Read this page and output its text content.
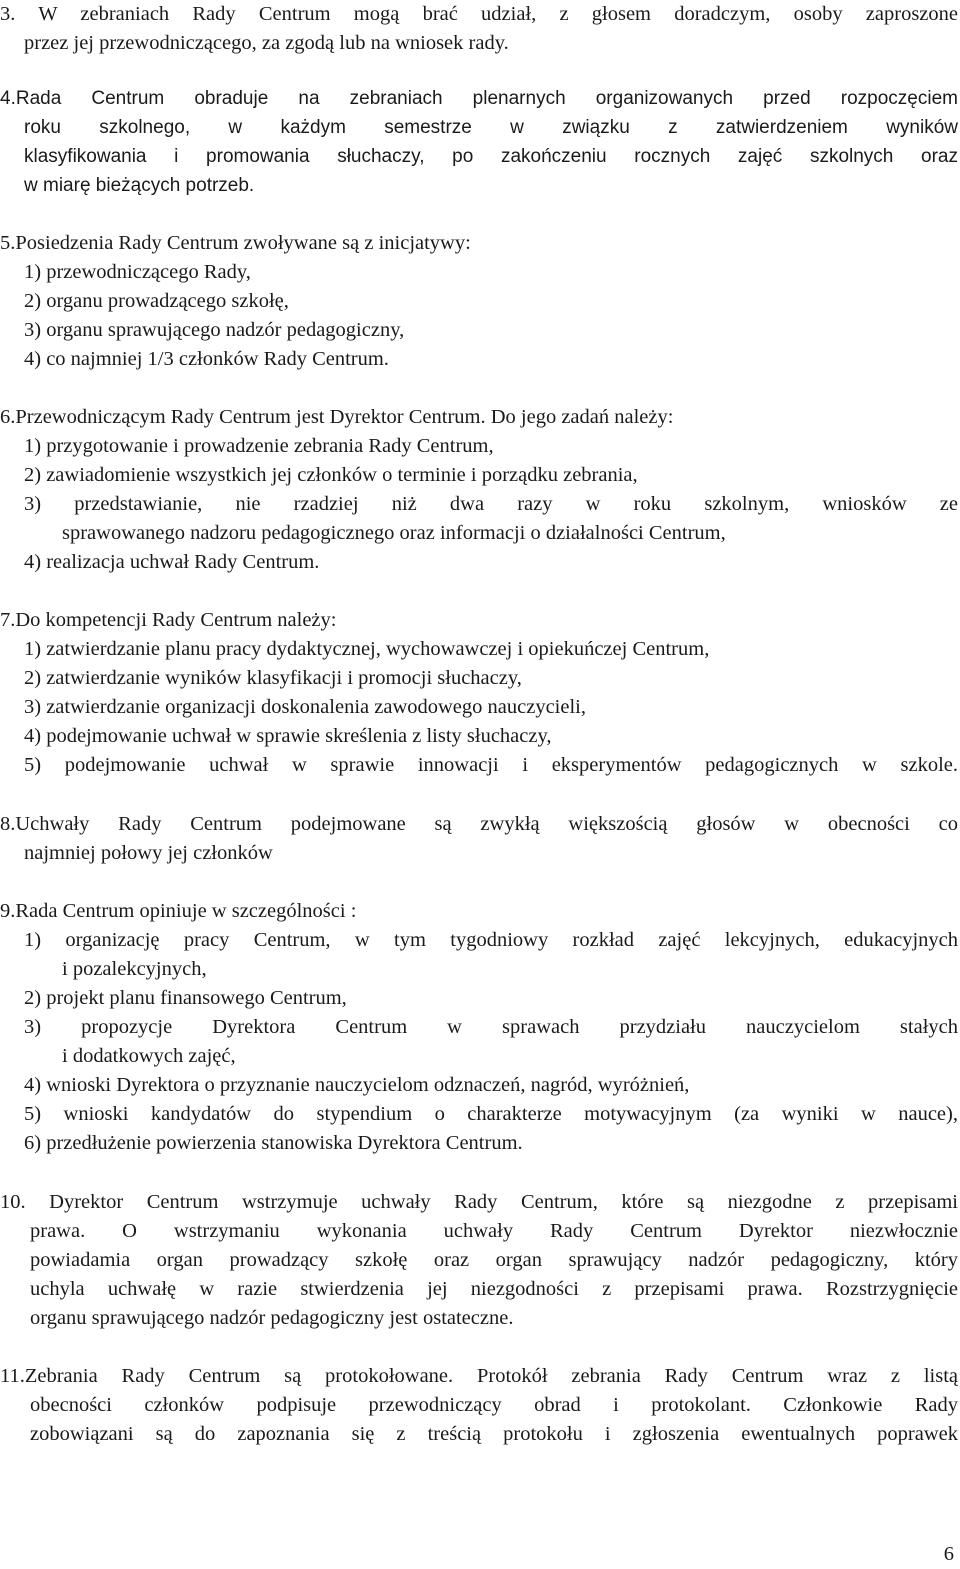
3. W zebraniach Rady Centrum mogą brać udział, z głosem doradczym, osoby zaproszone
przez jej przewodniczącego, za zgodą lub na wniosek rady.
4.Rada Centrum obraduje na zebraniach plenarnych organizowanych przed rozpoczęciem
roku szkolnego, w każdym semestrze w związku z zatwierdzeniem wyników
klasyfikowania i promowania słuchaczy, po zakończeniu rocznych zajęć szkolnych oraz
w miarę bieżących potrzeb.
5.Posiedzenia Rady Centrum zwoływane są z inicjatywy:
1) przewodniczącego Rady,
2) organu prowadzącego szkołę,
3) organu sprawującego nadzór pedagogiczny,
4) co najmniej 1/3 członków Rady Centrum.
6.Przewodniczącym Rady Centrum jest Dyrektor Centrum. Do jego zadań należy:
1) przygotowanie i prowadzenie zebrania Rady Centrum,
2) zawiadomienie wszystkich jej członków o terminie i porządku zebrania,
3) przedstawianie, nie rzadziej niż dwa razy w roku szkolnym, wniosków ze
sprawowanego nadzoru pedagogicznego oraz informacji o działalności Centrum,
4) realizacja uchwał Rady Centrum.
7.Do kompetencji Rady Centrum należy:
1) zatwierdzanie planu pracy dydaktycznej, wychowawczej i opiekuńczej Centrum,
2) zatwierdzanie wyników klasyfikacji i promocji słuchaczy,
3) zatwierdzanie organizacji doskonalenia zawodowego nauczycieli,
4) podejmowanie uchwał w sprawie skreślenia z listy słuchaczy,
5) podejmowanie uchwał w sprawie innowacji i eksperymentów pedagogicznych w szkole.
8.Uchwały Rady Centrum podejmowane są zwykłą większością głosów w obecności co
najmniej połowy jej członków
9.Rada Centrum opiniuje w szczególności :
1) organizację pracy Centrum, w tym tygodniowy rozkład zajęć lekcyjnych, edukacyjnych
i pozalekcyjnych,
2) projekt planu finansowego Centrum,
3) propozycje Dyrektora Centrum w sprawach przydziału nauczycielom stałych
i dodatkowych zajęć,
4) wnioski Dyrektora o przyznanie nauczycielom odznaczeń, nagród, wyróżnień,
5) wnioski kandydatów do stypendium o charakterze motywacyjnym (za wyniki w nauce),
6) przedłużenie powierzenia stanowiska Dyrektora Centrum.
10. Dyrektor Centrum wstrzymuje uchwały Rady Centrum, które są niezgodne z przepisami
prawa. O wstrzymaniu wykonania uchwały Rady Centrum Dyrektor niezwłocznie
powiadamia organ prowadzący szkołę oraz organ sprawujący nadzór pedagogiczny, który
uchyla uchwałę w razie stwierdzenia jej niezgodności z przepisami prawa. Rozstrzygnięcie
organu sprawującego nadzór pedagogiczny jest ostateczne.
11.Zebrania Rady Centrum są protokołowane. Protokół zebrania Rady Centrum wraz z listą
obecności członków podpisuje przewodniczący obrad i protokolant. Członkowie Rady
zobowiązani są do zapoznania się z treścią protokołu i zgłoszenia ewentualnych poprawek
6
